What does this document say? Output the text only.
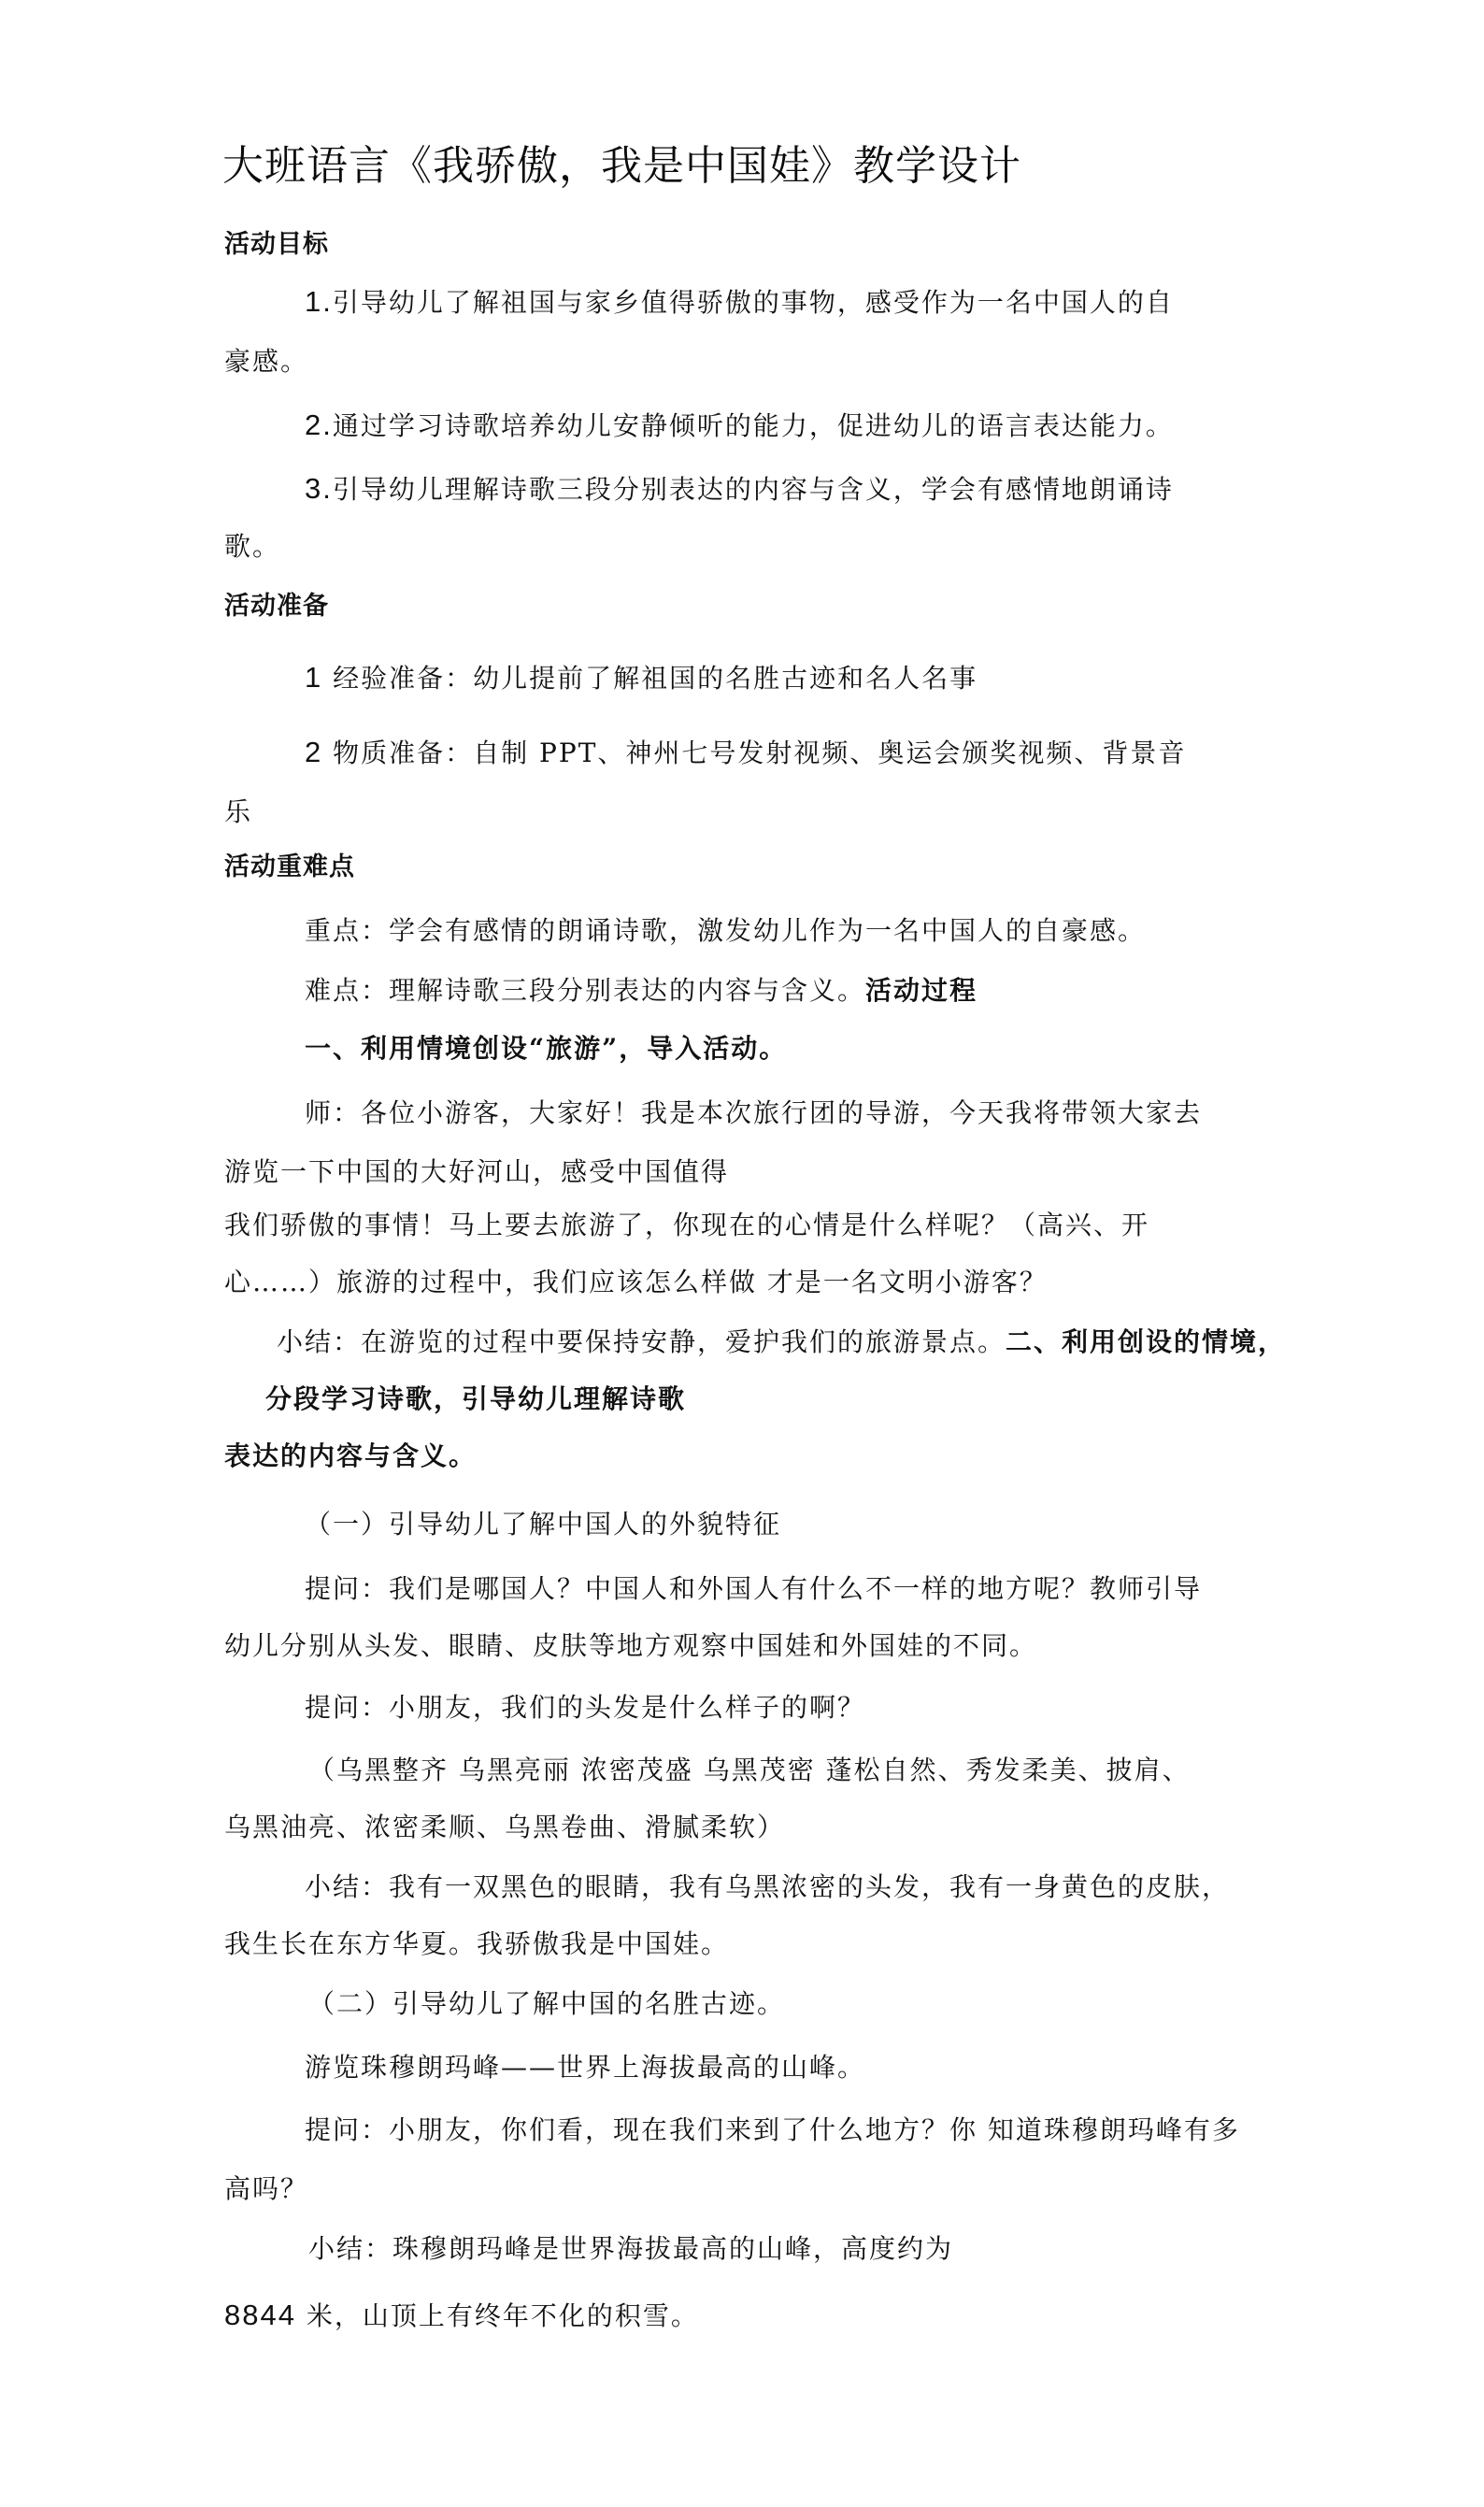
大班语言《我骄傲，我是中国娃》教学设计
活动目标
1.引导幼儿了解祖国与家乡值得骄傲的事物，感受作为一名中国人的自
豪感。
2.通过学习诗歌培养幼儿安静倾听的能力，促进幼儿的语言表达能力。
3.引导幼儿理解诗歌三段分别表达的内容与含义，学会有感情地朗诵诗
歌。
活动准备
1 经验准备：幼儿提前了解祖国的名胜古迹和名人名事
2 物质准备：自制 PPT、神州七号发射视频、奥运会颁奖视频、背景音
乐
活动重难点
重点：学会有感情的朗诵诗歌，激发幼儿作为一名中国人的自豪感。
难点：理解诗歌三段分别表达的内容与含义。活动过程
一、利用情境创设“旅游”，导入活动。
师：各位小游客，大家好！我是本次旅行团的导游，今天我将带领大家去
游览一下中国的大好河山，感受中国值得
我们骄傲的事情！马上要去旅游了，你现在的心情是什么样呢？（高兴、开
心……）旅游的过程中，我们应该怎么样做 才是一名文明小游客？
小结：在游览的过程中要保持安静，爱护我们的旅游景点。二、利用创设的情境，
分段学习诗歌，引导幼儿理解诗歌
表达的内容与含义。
（一）引导幼儿了解中国人的外貌特征
提问：我们是哪国人？中国人和外国人有什么不一样的地方呢？教师引导
幼儿分别从头发、眼睛、皮肤等地方观察中国娃和外国娃的不同。
提问：小朋友，我们的头发是什么样子的啊？
（乌黑整齐 乌黑亮丽 浓密茂盛 乌黑茂密 蓬松自然、秀发柔美、披肩、
乌黑油亮、浓密柔顺、乌黑卷曲、滑腻柔软）
小结：我有一双黑色的眼睛，我有乌黑浓密的头发，我有一身黄色的皮肤，
我生长在东方华夏。我骄傲我是中国娃。
（二）引导幼儿了解中国的名胜古迹。
游览珠穆朗玛峰——世界上海拔最高的山峰。
提问：小朋友，你们看，现在我们来到了什么地方？你 知道珠穆朗玛峰有多
高吗？
小结：珠穆朗玛峰是世界海拔最高的山峰，高度约为
8844 米，山顶上有终年不化的积雪。
